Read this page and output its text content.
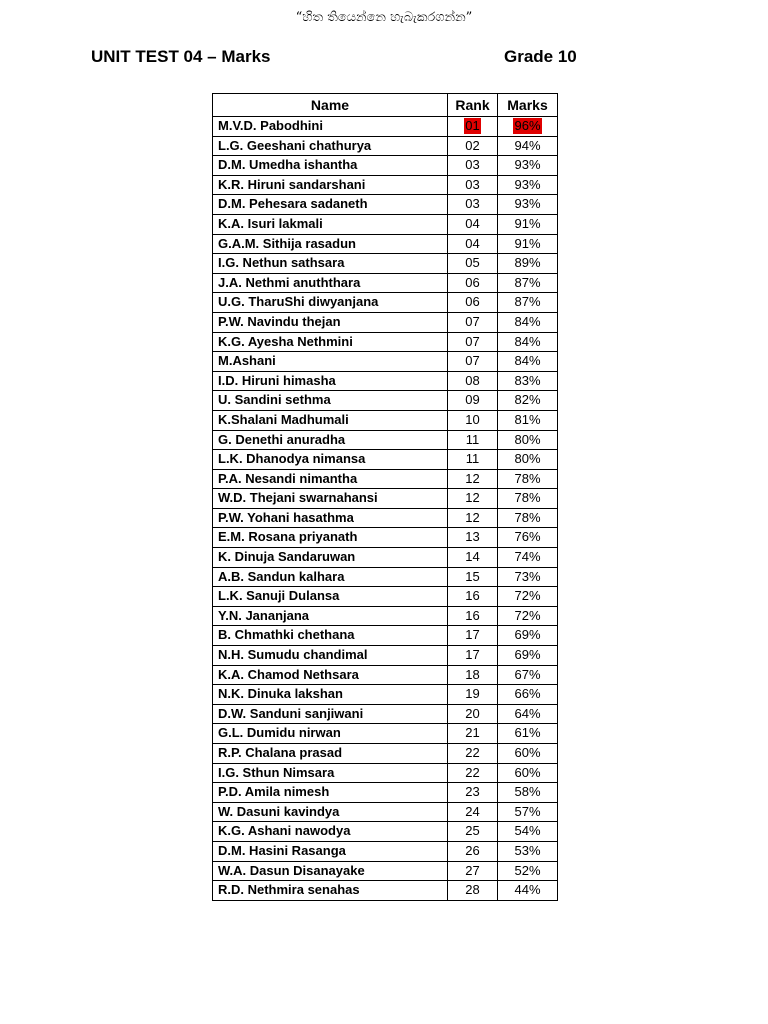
“හිත තියෙන්නෙ හැබැකරගන්න”
UNIT TEST 04 – Marks	Grade 10
Name	Rank	Marks
M.V.D. Pabodhini	01	96%
L.G. Geeshani chathurya	02	94%
D.M. Umedha ishantha	03	93%
K.R. Hiruni sandarshani	03	93%
D.M. Pehesara sadaneth	03	93%
K.A. Isuri lakmali	04	91%
G.A.M. Sithija rasadun	04	91%
I.G. Nethun sathsara	05	89%
J.A. Nethmi anuththara	06	87%
U.G. TharuShi diwyanjana	06	87%
P.W. Navindu thejan	07	84%
K.G. Ayesha Nethmini	07	84%
M.Ashani	07	84%
I.D. Hiruni himasha	08	83%
U. Sandini sethma	09	82%
K.Shalani Madhumali	10	81%
G. Denethi anuradha	11	80%
L.K. Dhanodya nimansa	11	80%
P.A. Nesandi nimantha	12	78%
W.D. Thejani swarnahansi	12	78%
P.W. Yohani hasathma	12	78%
E.M. Rosana priyanath	13	76%
K. Dinuja Sandaruwan	14	74%
A.B. Sandun kalhara	15	73%
L.K. Sanuji Dulansa	16	72%
Y.N. Jananjana	16	72%
B. Chmathki chethana	17	69%
N.H. Sumudu chandimal	17	69%
K.A. Chamod Nethsara	18	67%
N.K. Dinuka lakshan	19	66%
D.W. Sanduni sanjiwani	20	64%
G.L. Dumidu nirwan	21	61%
R.P. Chalana prasad	22	60%
I.G. Sthun Nimsara	22	60%
P.D. Amila nimesh	23	58%
W. Dasuni kavindya	24	57%
K.G. Ashani nawodya	25	54%
D.M. Hasini Rasanga	26	53%
W.A. Dasun Disanayake	27	52%
R.D. Nethmira senahas	28	44%
